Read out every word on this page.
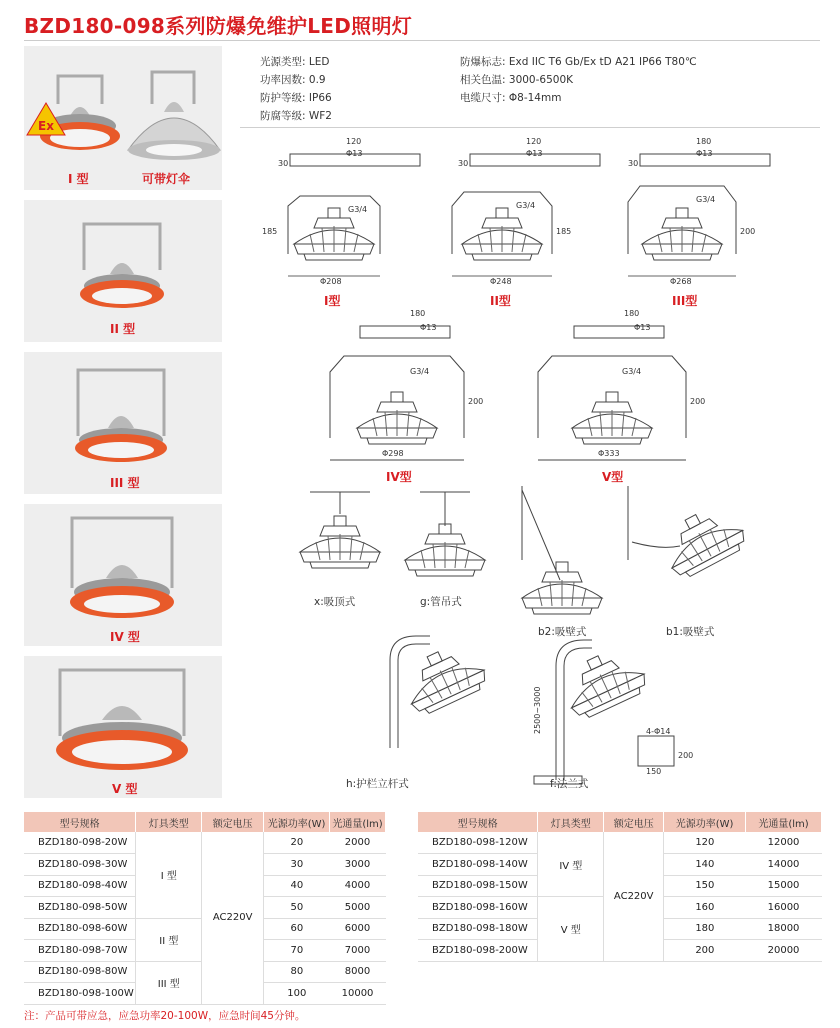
BZD180-098系列防爆免维护LED照明灯
Ex
I 型	可带灯伞
II 型
III 型
IV 型
V 型
光源类型: LED	防爆标志: Exd IIC T6 Gb/Ex tD A21 IP66 T80℃
功率因数: 0.9	相关色温: 3000-6500K
防护等级: IP66	电缆尺寸: Φ8-14mm
防腐等级: WF2
120
Φ13
120
Φ13
180
Φ13
30	30	30
G3/4	G3/4
G3/4
185	185	200
Φ208	Φ248	Φ268
180
Φ13
180
Φ13
G3/4	G3/4
200	200
Φ298	Φ333
2500~3000	4-Φ14
150
200
I型	II型	III型
IV型	V型
x:吸顶式	g:管吊式
b2:吸壁式	b1:吸壁式
h:护栏立杆式	f:法兰式
型号规格	灯具类型	额定电压	光源功率(W)	光通量(lm)
BZD180-098-20W	I 型	AC220V	20	2000
BZD180-098-30W			30	3000
BZD180-098-40W			40	4000
BZD180-098-50W			50	5000
BZD180-098-60W	II 型		60	6000
BZD180-098-70W			70	7000
BZD180-098-80W	III 型		80	8000
BZD180-098-100W			100	10000
型号规格	灯具类型	额定电压	光源功率(W)	光通量(lm)
BZD180-098-120W	IV 型	AC220V	120	12000
BZD180-098-140W			140	14000
BZD180-098-150W			150	15000
BZD180-098-160W	V 型		160	16000
BZD180-098-180W			180	18000
BZD180-098-200W			200	20000
注：产品可带应急，应急功率20-100W，应急时间45分钟。
